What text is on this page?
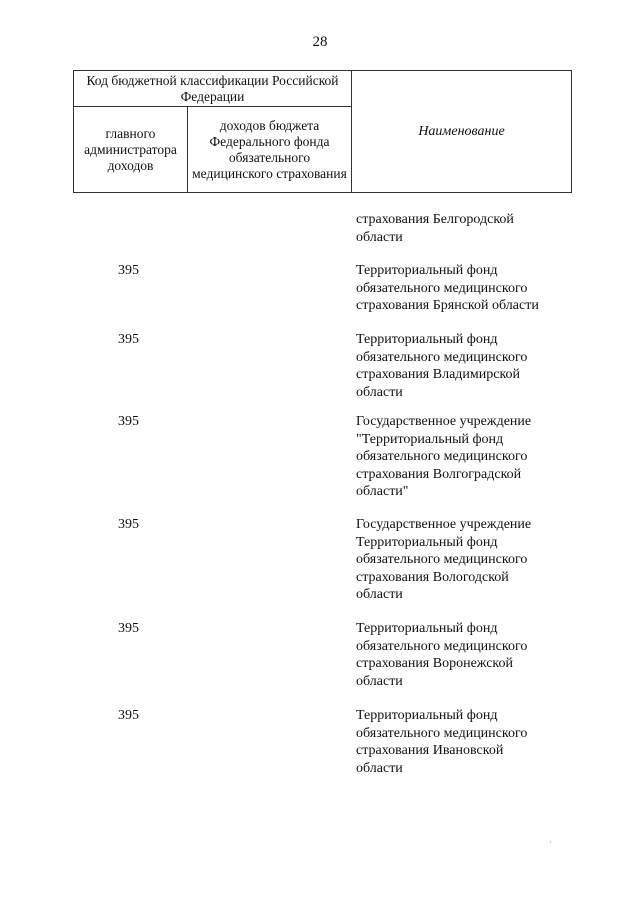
28
Код бюджетной классификации Российской Федерации		Наименование
главного администратора доходов	доходов бюджета Федерального фонда обязательного медицинского страхования	
страхования Белгородской
области
395	Территориальный фонд
обязательного медицинского
страхования Брянской области
395	Территориальный фонд
обязательного медицинского
страхования Владимирской
области
395	Государственное учреждение
"Территориальный фонд
обязательного медицинского
страхования Волгоградской
области"
395	Государственное учреждение
Территориальный фонд
обязательного медицинского
страхования Вологодской
области
395	Территориальный фонд
обязательного медицинского
страхования Воронежской
области
395	Территориальный фонд
обязательного медицинского
страхования Ивановской
области
·
